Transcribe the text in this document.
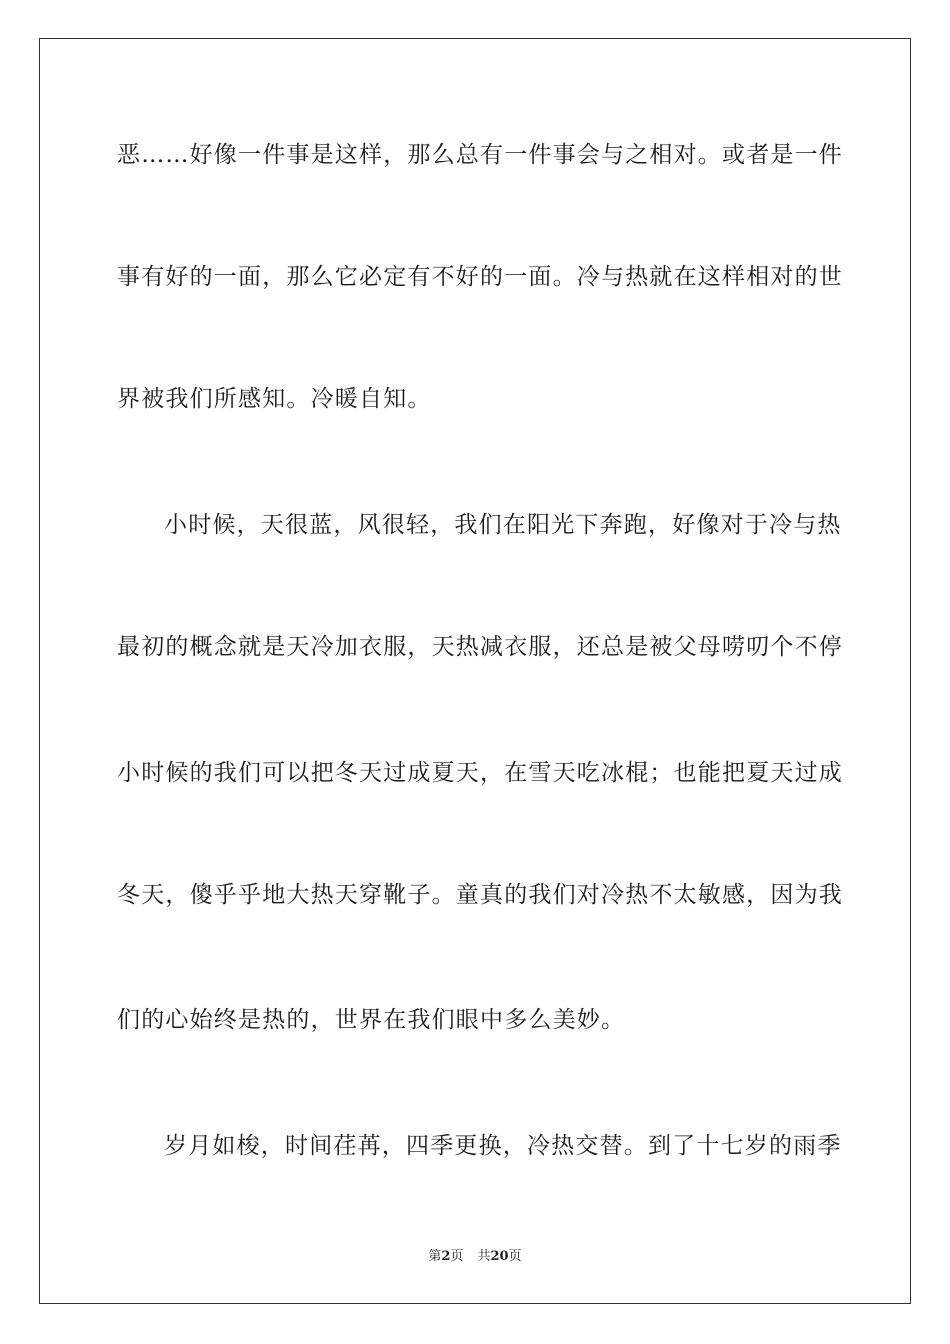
恶……好像一件事是这样，那么总有一件事会与之相对。或者是一件
事有好的一面，那么它必定有不好的一面。冷与热就在这样相对的世
界被我们所感知。冷暖自知。
小时候，天很蓝，风很轻，我们在阳光下奔跑，好像对于冷与热
最初的概念就是天冷加衣服，天热减衣服，还总是被父母唠叨个不停
小时候的我们可以把冬天过成夏天，在雪天吃冰棍；也能把夏天过成
冬天，傻乎乎地大热天穿靴子。童真的我们对冷热不太敏感，因为我
们的心始终是热的，世界在我们眼中多么美妙。
岁月如梭，时间荏苒，四季更换，冷热交替。到了十七岁的雨季
第2页 共20页
